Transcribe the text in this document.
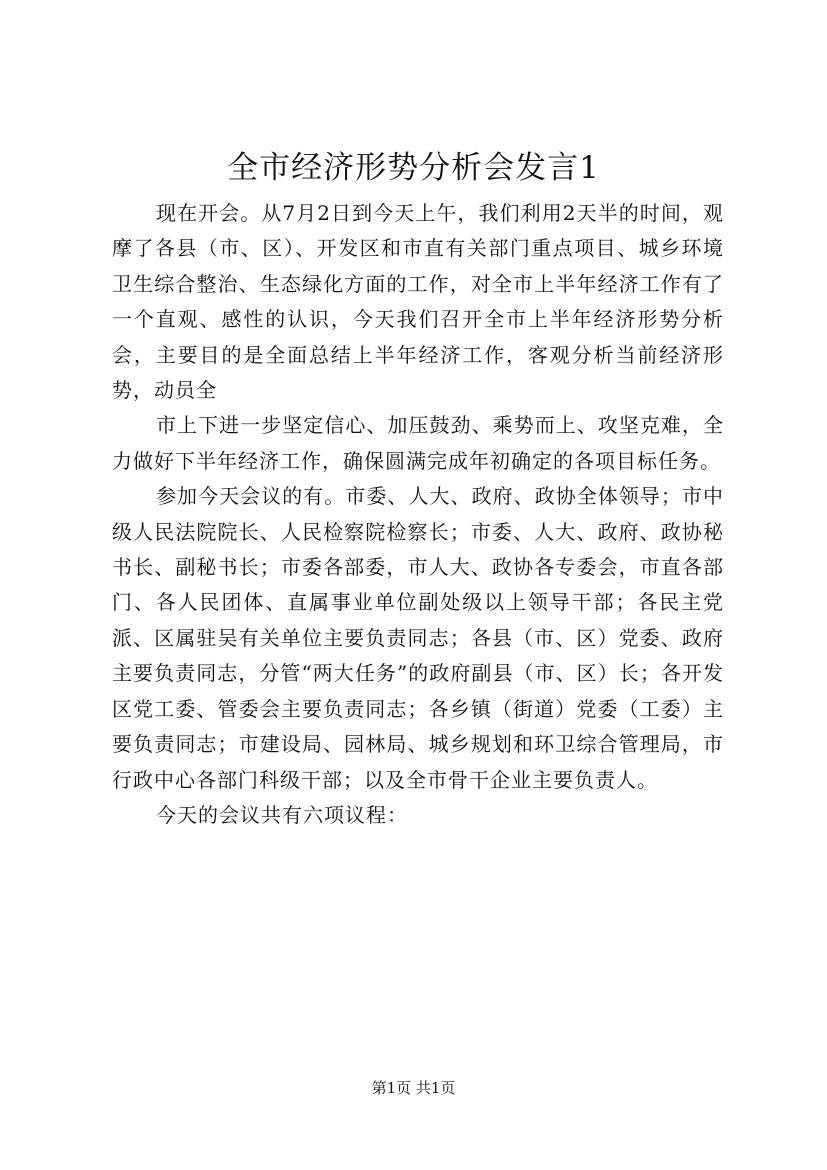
全市经济形势分析会发言1

现在开会。从7月2日到今天上午，我们利用2天半的时间，观摩了各县（市、区）、开发区和市直有关部门重点项目、城乡环境卫生综合整治、生态绿化方面的工作，对全市上半年经济工作有了一个直观、感性的认识，今天我们召开全市上半年经济形势分析会，主要目的是全面总结上半年经济工作，客观分析当前经济形势，动员全

市上下进一步坚定信心、加压鼓劲、乘势而上、攻坚克难，全力做好下半年经济工作，确保圆满完成年初确定的各项目标任务。

参加今天会议的有。市委、人大、政府、政协全体领导；市中级人民法院院长、人民检察院检察长；市委、人大、政府、政协秘书长、副秘书长；市委各部委，市人大、政协各专委会，市直各部门、各人民团体、直属事业单位副处级以上领导干部；各民主党派、区属驻吴有关单位主要负责同志；各县（市、区）党委、政府主要负责同志，分管“两大任务”的政府副县（市、区）长；各开发区党工委、管委会主要负责同志；各乡镇（街道）党委（工委）主要负责同志；市建设局、园林局、城乡规划和环卫综合管理局，市行政中心各部门科级干部；以及全市骨干企业主要负责人。

今天的会议共有六项议程：

第1页 共1页
